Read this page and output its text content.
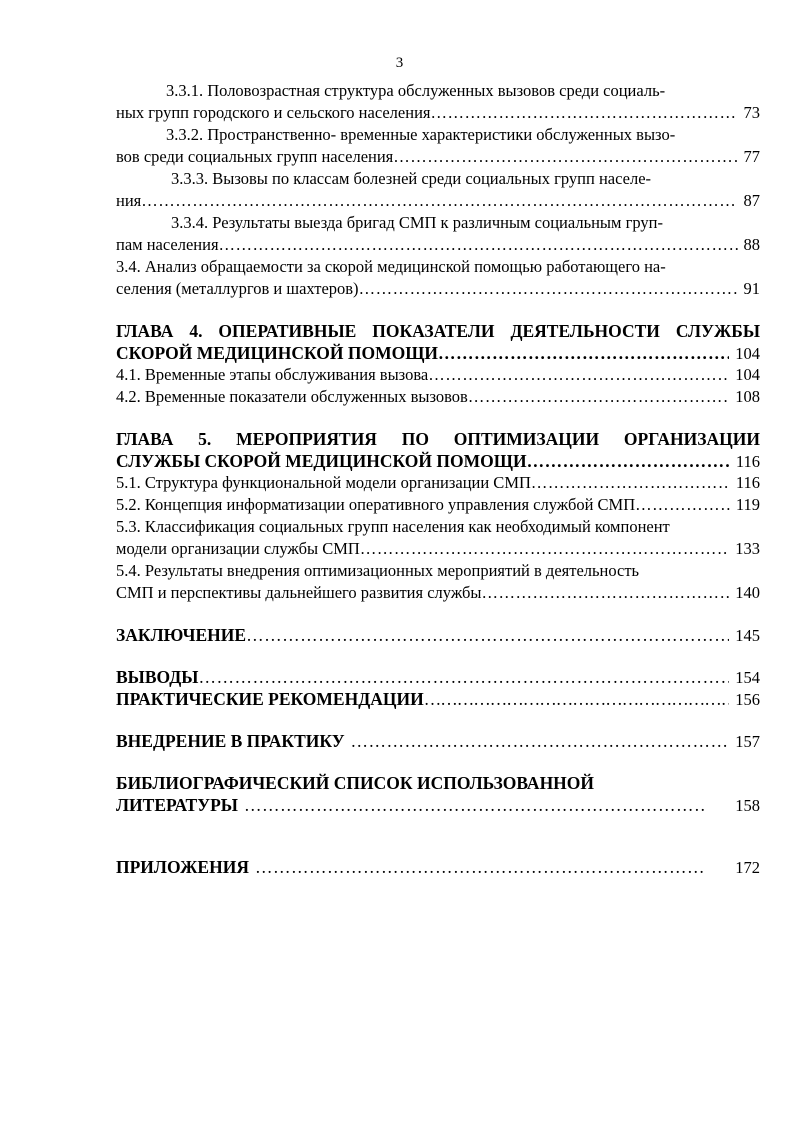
3
3.3.1. Половозрастная структура обслуженных вызовов среди социаль-
ных групп городского и сельского населения ………………………………………………………………………………………………………………………………………………………………	73
3.3.2. Пространственно- временные характеристики обслуженных вызо-
вов среди социальных групп населения ………………………………………………………………………………………………………………………………………………………………	77
3.3.3. Вызовы по классам болезней среди социальных групп населе-
ния ………………………………………………………………………………………………………………………………………………………………	87
3.3.4. Результаты выезда бригад СМП к различным социальным груп-
пам населения ………………………………………………………………………………………………………………………………………………………………	88
3.4. Анализ обращаемости за скорой медицинской помощью работающего на-
селения (металлургов и шахтеров) ………………………………………………………………………………………………………………………………………………………………	91
ГЛАВА 4. ОПЕРАТИВНЫЕ ПОКАЗАТЕЛИ ДЕЯТЕЛЬНОСТИ СЛУЖБЫ
СКОРОЙ МЕДИЦИНСКОЙ ПОМОЩИ ………………………………………………………………………………………………………………………………………………………………	104
4.1. Временные этапы обслуживания вызова ………………………………………………………………………………………………………………………………………………………………	104
4.2. Временные показатели обслуженных вызовов ………………………………………………………………………………………………………………………………………………………………	108
ГЛАВА 5. МЕРОПРИЯТИЯ ПО ОПТИМИЗАЦИИ ОРГАНИЗАЦИИ
СЛУЖБЫ СКОРОЙ МЕДИЦИНСКОЙ ПОМОЩИ ………………………………………………………………………………………………………………………………………………………………	116
5.1. Структура функциональной модели организации СМП ………………………………………………………………………………………………………………………………………………………………	116
5.2. Концепция информатизации оперативного управления службой СМП ………………………………………………………………………………………………………………………………………………………………	119
5.3. Классификация социальных групп населения как необходимый компонент
модели организации службы СМП ………………………………………………………………………………………………………………………………………………………………	133
5.4. Результаты внедрения оптимизационных мероприятий в деятельность
СМП и перспективы дальнейшего развития службы ………………………………………………………………………………………………………………………………………………………………	140
ЗАКЛЮЧЕНИЕ ………………………………………………………………………………………………………………………………………………………………	145
ВЫВОДЫ ………………………………………………………………………………………………………………………………………………………………	154
ПРАКТИЧЕСКИЕ РЕКОМЕНДАЦИИ ………………………………………………………………………………………………………………………………………………………………	156
ВНЕДРЕНИЕ В ПРАКТИКУ ………………………………………………………………………………………………………………………………………………………………	157
БИБЛИОГРАФИЧЕСКИЙ СПИСОК ИСПОЛЬЗОВАННОЙ
ЛИТЕРАТУРЫ ………………………………………………………………………………………………………………………………………………………………	158
ПРИЛОЖЕНИЯ ………………………………………………………………………………………………………………………………………………………………	172
